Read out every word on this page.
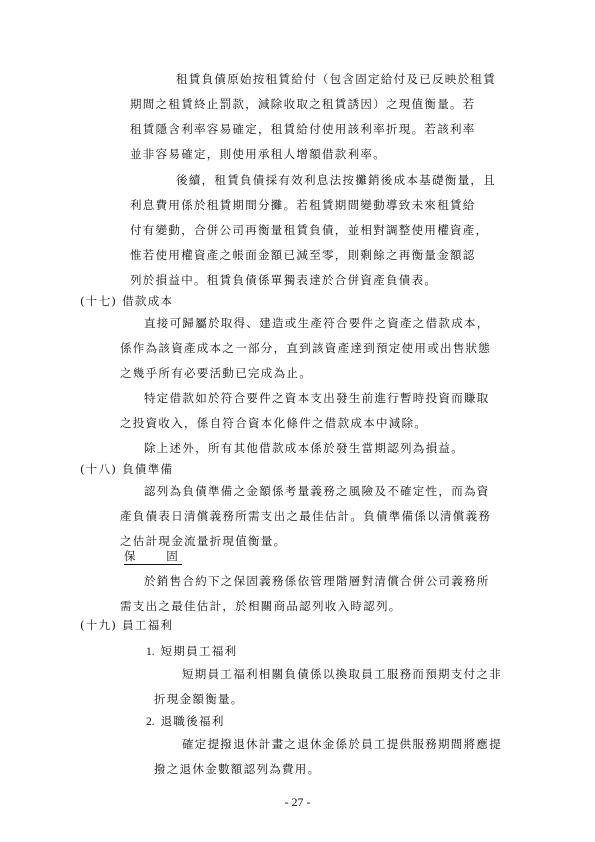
租賃負債原始按租賃給付（包含固定給付及已反映於租賃
期間之租賃終止罰款，減除收取之租賃誘因）之現值衡量。若
租賃隱含利率容易確定，租賃給付使用該利率折現。若該利率
並非容易確定，則使用承租人增額借款利率。
後續，租賃負債採有效利息法按攤銷後成本基礎衡量，且
利息費用係於租賃期間分攤。若租賃期間變動導致未來租賃給
付有變動，合併公司再衡量租賃負債，並相對調整使用權資產，
惟若使用權資產之帳面金額已減至零，則剩餘之再衡量金額認
列於損益中。租賃負債係單獨表達於合併資產負債表。
(十七) 借款成本
直接可歸屬於取得、建造或生產符合要件之資產之借款成本，
係作為該資產成本之一部分，直到該資產達到預定使用或出售狀態
之幾乎所有必要活動已完成為止。
特定借款如於符合要件之資本支出發生前進行暫時投資而賺取
之投資收入，係自符合資本化條件之借款成本中減除。
除上述外，所有其他借款成本係於發生當期認列為損益。
(十八) 負債準備
認列為負債準備之金額係考量義務之風險及不確定性，而為資
產負債表日清償義務所需支出之最佳估計。負債準備係以清償義務
之估計現金流量折現值衡量。
保 固
於銷售合約下之保固義務係依管理階層對清償合併公司義務所
需支出之最佳估計，於相關商品認列收入時認列。
(十九) 員工福利
1. 短期員工福利
短期員工福利相關負債係以換取員工服務而預期支付之非
折現金額衡量。
2. 退職後福利
確定提撥退休計畫之退休金係於員工提供服務期間將應提
撥之退休金數額認列為費用。
- 27 -
